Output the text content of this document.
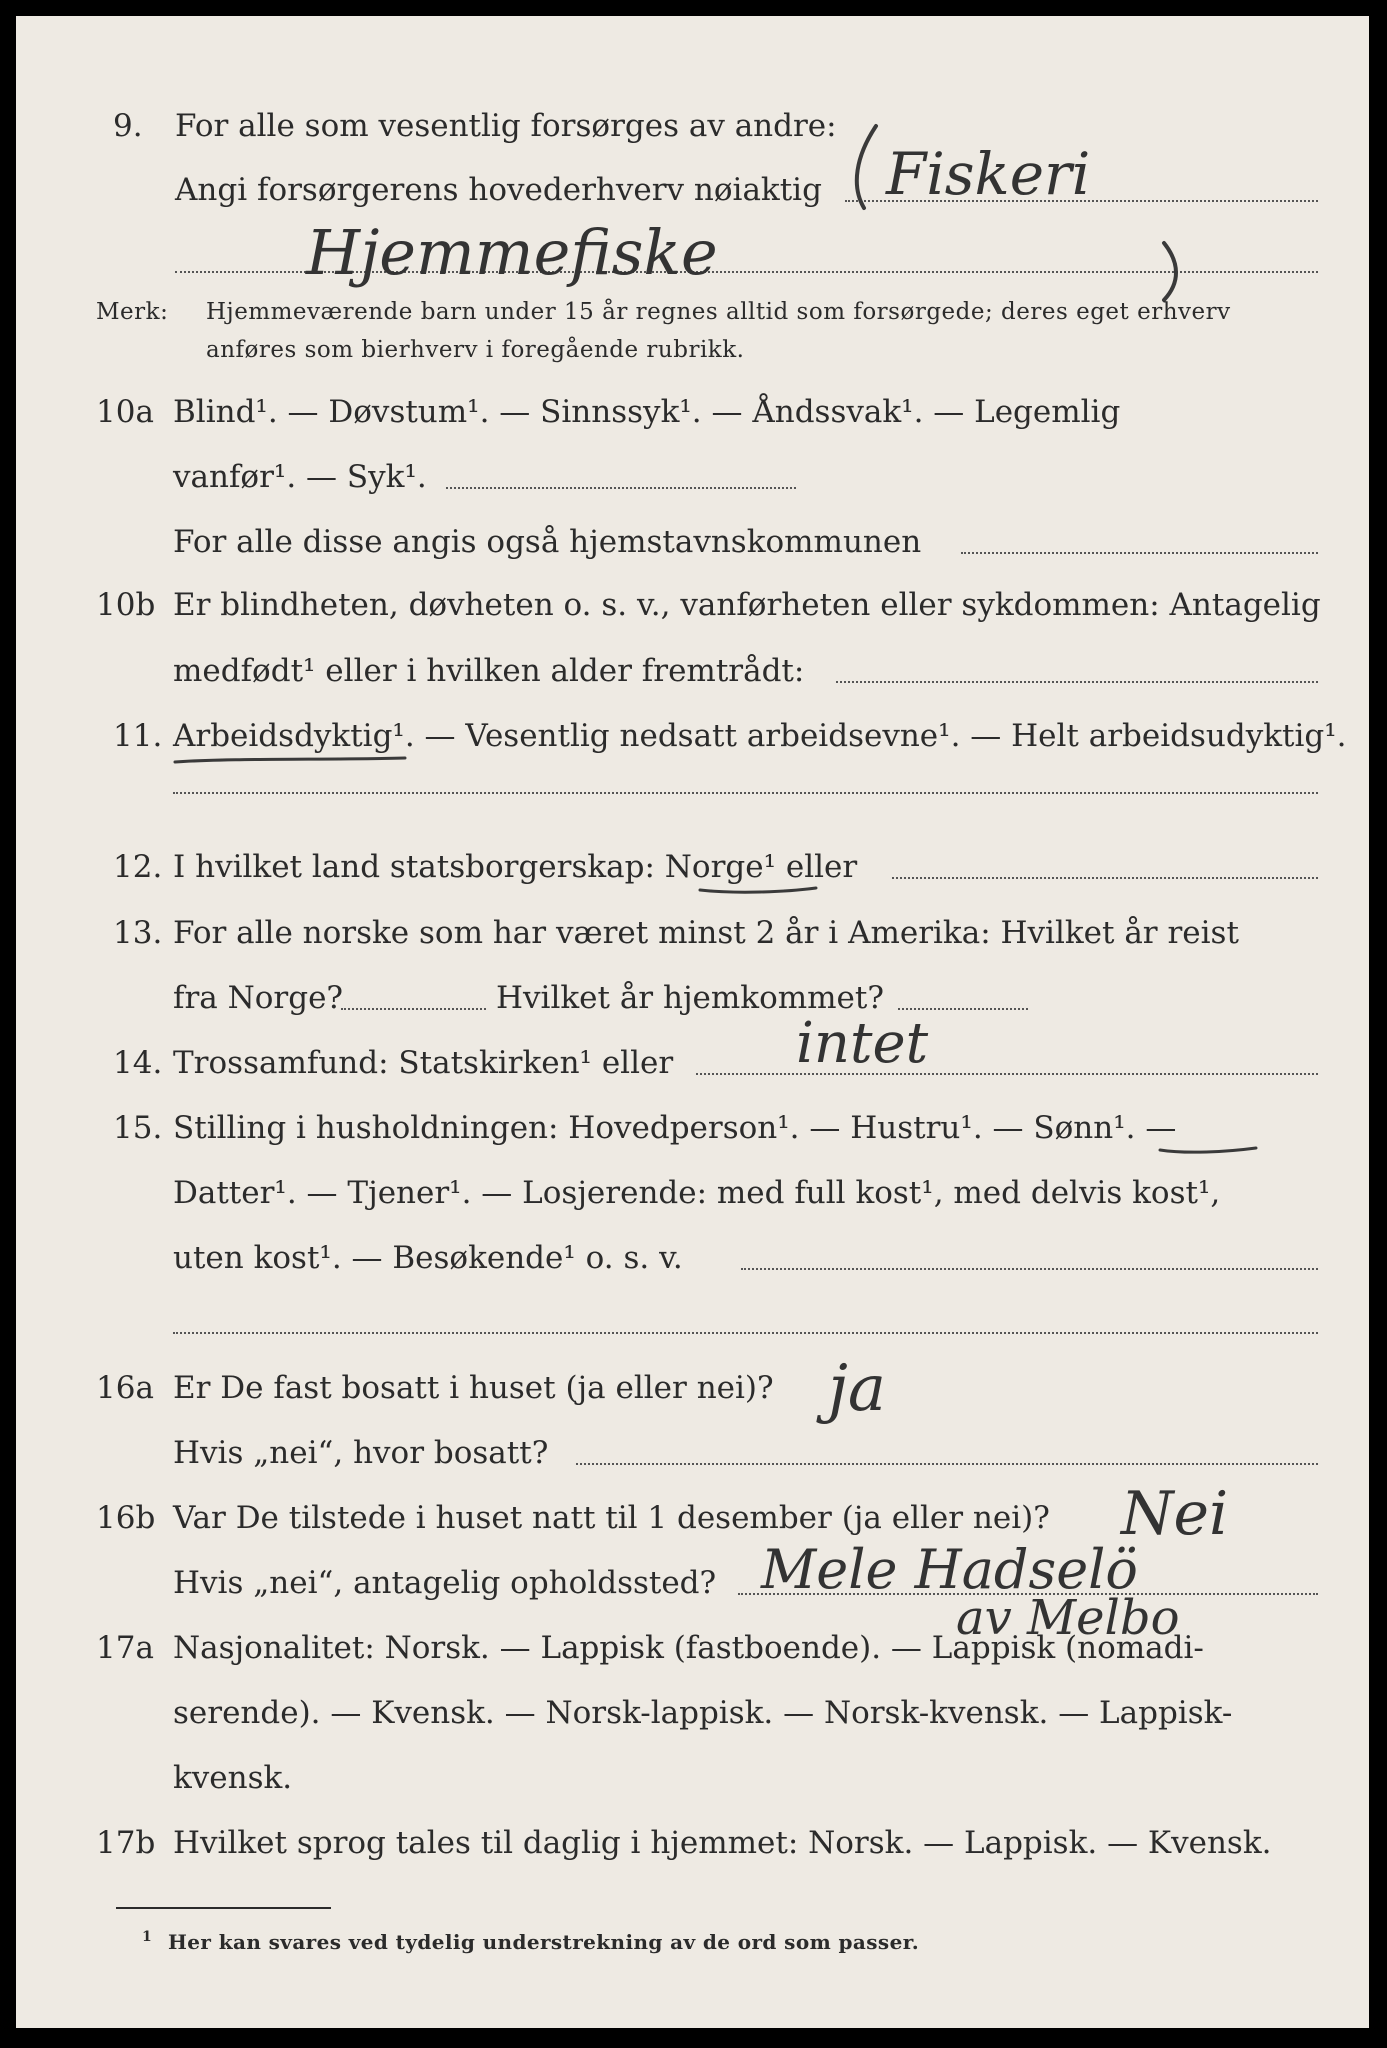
9. For alle som vesentlig forsørges av andre:
Angi forsørgerens hovederhverv nøiaktig Fiskeri
Hjemmefiske
Merk: Hjemmeværende barn under 15 år regnes alltid som forsørgede; deres eget erhverv
anføres som bierhverv i foregående rubrikk.
10a Blind¹. — Døvstum¹. — Sinnssyk¹. — Åndssvak¹. — Legemlig
vanfør¹. — Syk¹.
For alle disse angis også hjemstavnskommunen
10b Er blindheten, døvheten o. s. v., vanførheten eller sykdommen: Antagelig
medfødt¹ eller i hvilken alder fremtrådt:
11. Arbeidsdyktig¹. — Vesentlig nedsatt arbeidsevne¹. — Helt arbeidsudyktig¹.
12. I hvilket land statsborgerskap: Norge¹ eller
13. For alle norske som har været minst 2 år i Amerika: Hvilket år reist
fra Norge?	Hvilket år hjemkommet?
14. Trossamfund: Statskirken¹ eller intet
15. Stilling i husholdningen: Hovedperson¹. — Hustru¹. — Sønn¹. —
Datter¹. — Tjener¹. — Losjerende: med full kost¹, med delvis kost¹,
uten kost¹. — Besøkende¹ o. s. v.
16a Er De fast bosatt i huset (ja eller nei)? ja
Hvis „nei“, hvor bosatt?
16b Var De tilstede i huset natt til 1 desember (ja eller nei)? Nei
Hvis „nei“, antagelig opholdssted? Mele Hadselö
av Melbo
17a Nasjonalitet: Norsk. — Lappisk (fastboende). — Lappisk (nomadi-
serende). — Kvensk. — Norsk-lappisk. — Norsk-kvensk. — Lappisk-
kvensk.
17b Hvilket sprog tales til daglig i hjemmet: Norsk. — Lappisk. — Kvensk.
1 Her kan svares ved tydelig understrekning av de ord som passer.
